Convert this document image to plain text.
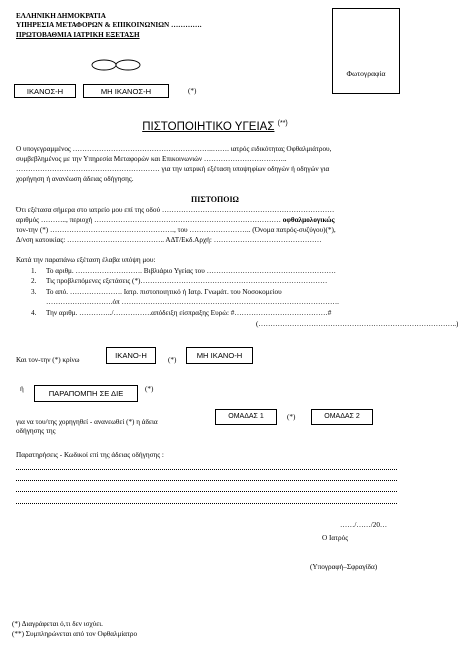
ΕΛΛΗΝΙΚΗ ΔΗΜΟΚΡΑΤΙΑ
ΥΠΗΡΕΣΙΑ ΜΕΤΑΦΟΡΩΝ & ΕΠΙΚΟΙΝΩΝΙΩΝ ………….
ΠΡΩΤΟΒΑΘΜΙΑ ΙΑΤΡΙΚΗ ΕΞΕΤΑΣΗ
Φωτογραφία
ΙΚΑΝΟΣ-Η	ΜΗ ΙΚΑΝΟΣ-Η	(*)
ΠΙΣΤΟΠΟΙΗΤΙΚΟ ΥΓΕΙΑΣ (**)
Ο υπογεγραμμένος …………………………………………………..……. ιατρός ειδικότητας Οφθαλμιάτρου,
συμβεβλημένος με την Υπηρεσία Μεταφορών και Επικοινωνιών ……………………………..
…………………………………………………… για την ιατρική εξέταση υποψηφίων οδηγών ή οδηγών για
χορήγηση ή ανανέωση άδειας οδήγησης.
ΠΙΣΤΟΠΟΙΩ
Ότι εξέτασα σήμερα στο ιατρείο μου επί της οδού ………………………………………………………………
αριθμός ……….., περιοχή …………………………………………………………………… οφθαλμολογικώς
τον-την (*) ……………………………………………., του …………………….. (Όνομα πατρός-συζύγου)(*),
Δ/νση κατοικίας: ………………………………….. ΑΔΤ/Εκδ.Αρχή: ………………………………………
Κατά την παραπάνω εξέταση έλαβα υπόψη μου:
1. Το αριθμ. ………………………. Βιβλιάριο Υγείας του ………………………………………………
2. Τις προβλεπόμενες εξετάσεις (*)……………………………………………………………………
3. Το από. …………………. Ιατρ. πιστοποιητικό ή Ιατρ. Γνωμάτ. του Νοσοκομείου
……………………….όπ ……………………………………………………………………………….
4. Την αριθμ. …………../…………….απόδειξη είσπραξης Ευρώ: #…………………………………#
(………………………………………………………………………..)
Και τον-την (*) κρίνω	ΙΚΑΝΟ-Η	(*)	ΜΗ ΙΚΑΝΟ-Η
ή	ΠΑΡΑΠΟΜΠΗ ΣΕ ΔΙΕ	(*)
για να του/της χορηγηθεί - ανανεωθεί (*) η άδεια
οδήγησης της
ΟΜΑΔΑΣ 1	(*)	ΟΜΑΔΑΣ 2
Παρατηρήσεις - Κωδικοί επί της άδειας οδήγησης :
……/……/20…
Ο Ιατρός
(Υπογραφή–Σφραγίδα)
(*) Διαγράφεται ό,τι δεν ισχύει.
(**) Συμπληρώνεται από τον Οφθαλμίατρο
